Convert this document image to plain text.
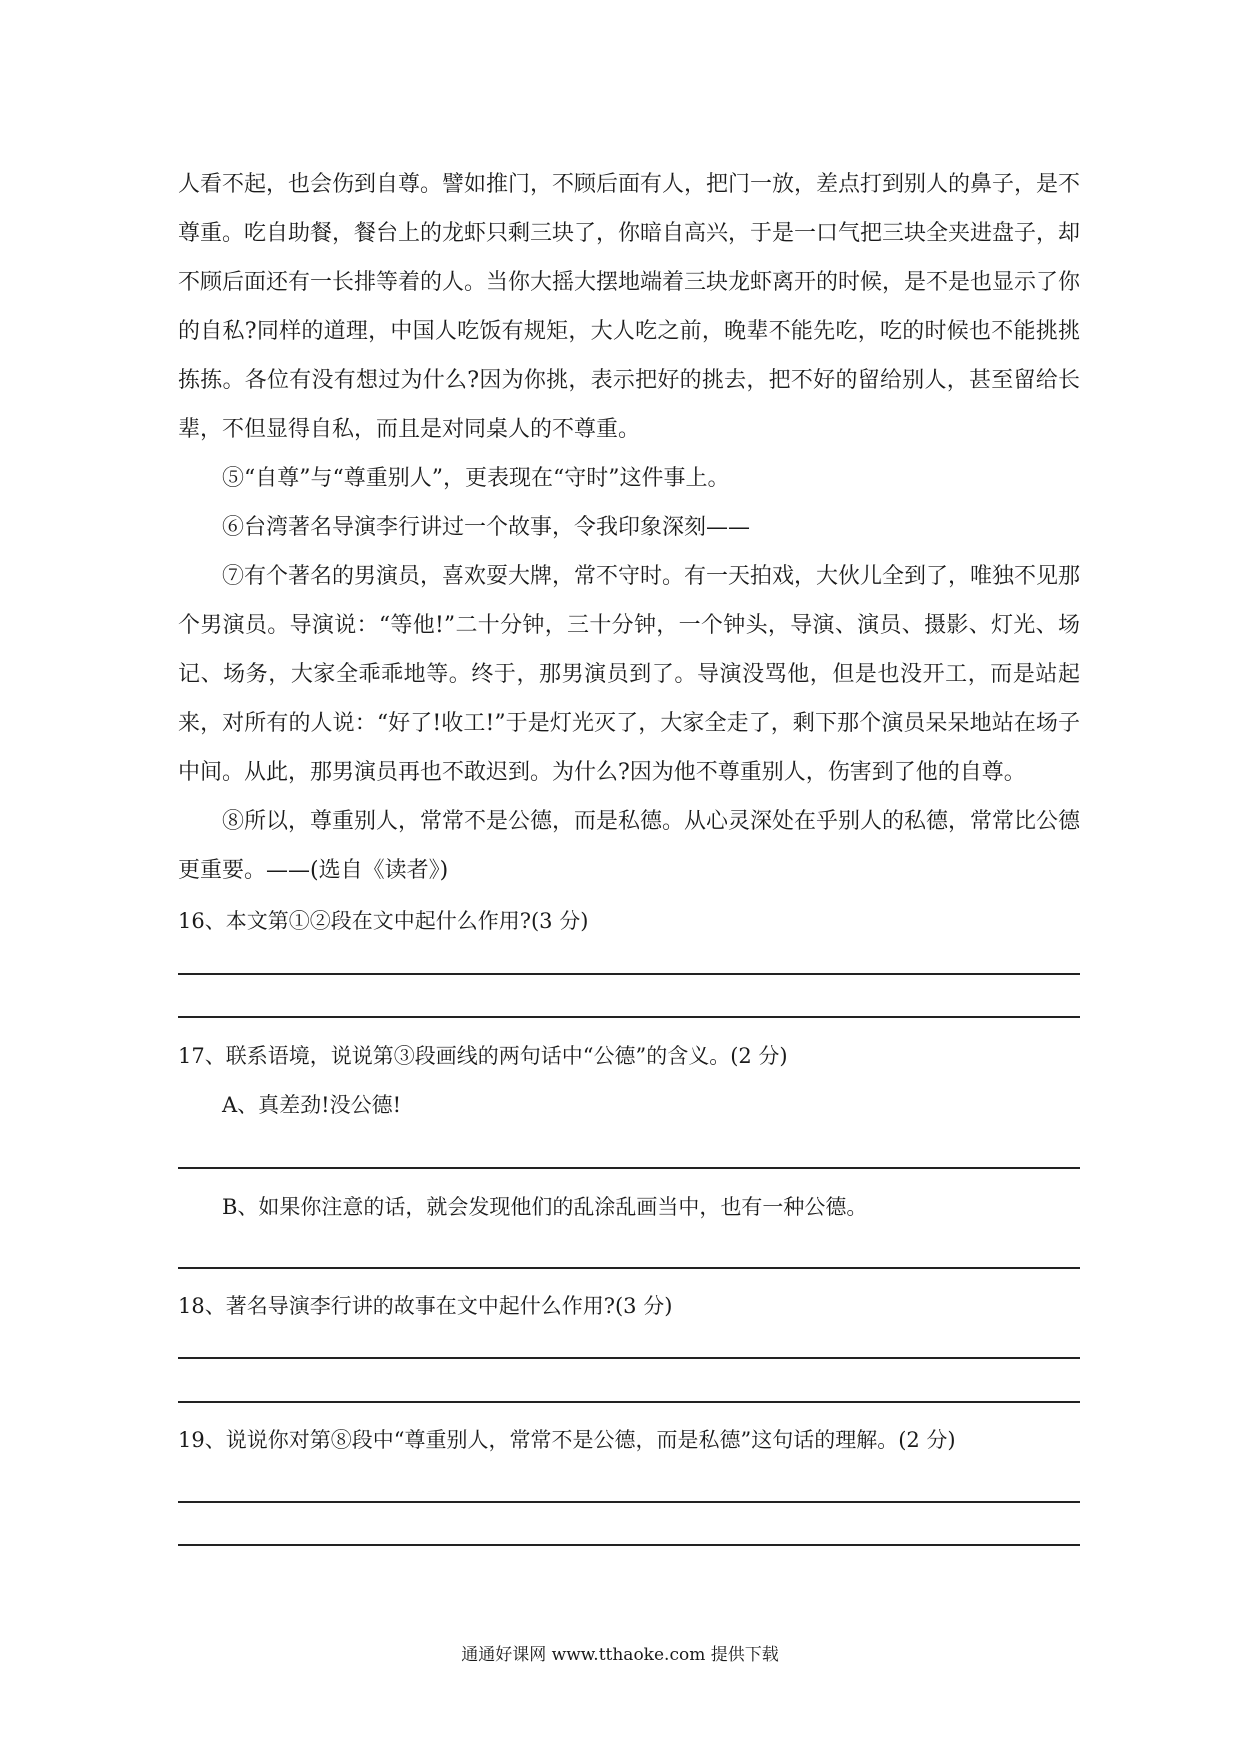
人看不起，也会伤到自尊。譬如推门，不顾后面有人，把门一放，差点打到别人的鼻子，是不尊重。吃自助餐，餐台上的龙虾只剩三块了，你暗自高兴，于是一口气把三块全夹进盘子，却不顾后面还有一长排等着的人。当你大摇大摆地端着三块龙虾离开的时候，是不是也显示了你的自私?同样的道理，中国人吃饭有规矩，大人吃之前，晚辈不能先吃，吃的时候也不能挑挑拣拣。各位有没有想过为什么?因为你挑，表示把好的挑去，把不好的留给别人，甚至留给长辈，不但显得自私，而且是对同桌人的不尊重。

⑤“自尊”与“尊重别人”，更表现在“守时”这件事上。

⑥台湾著名导演李行讲过一个故事，令我印象深刻——

⑦有个著名的男演员，喜欢耍大牌，常不守时。有一天拍戏，大伙儿全到了，唯独不见那个男演员。导演说：“等他!”二十分钟，三十分钟，一个钟头，导演、演员、摄影、灯光、场记、场务，大家全乖乖地等。终于，那男演员到了。导演没骂他，但是也没开工，而是站起来，对所有的人说：“好了!收工!”于是灯光灭了，大家全走了，剩下那个演员呆呆地站在场子中间。从此，那男演员再也不敢迟到。为什么?因为他不尊重别人，伤害到了他的自尊。

⑧所以，尊重别人，常常不是公德，而是私德。从心灵深处在乎别人的私德，常常比公德更重要。——(选自《读者》)

16、本文第①②段在文中起什么作用?(3 分)

17、联系语境，说说第③段画线的两句话中“公德”的含义。(2 分)

A、真差劲!没公德!

B、如果你注意的话，就会发现他们的乱涂乱画当中，也有一种公德。

18、著名导演李行讲的故事在文中起什么作用?(3 分)

19、说说你对第⑧段中“尊重别人，常常不是公德，而是私德”这句话的理解。(2 分)

通通好课网 www.tthaoke.com 提供下载
